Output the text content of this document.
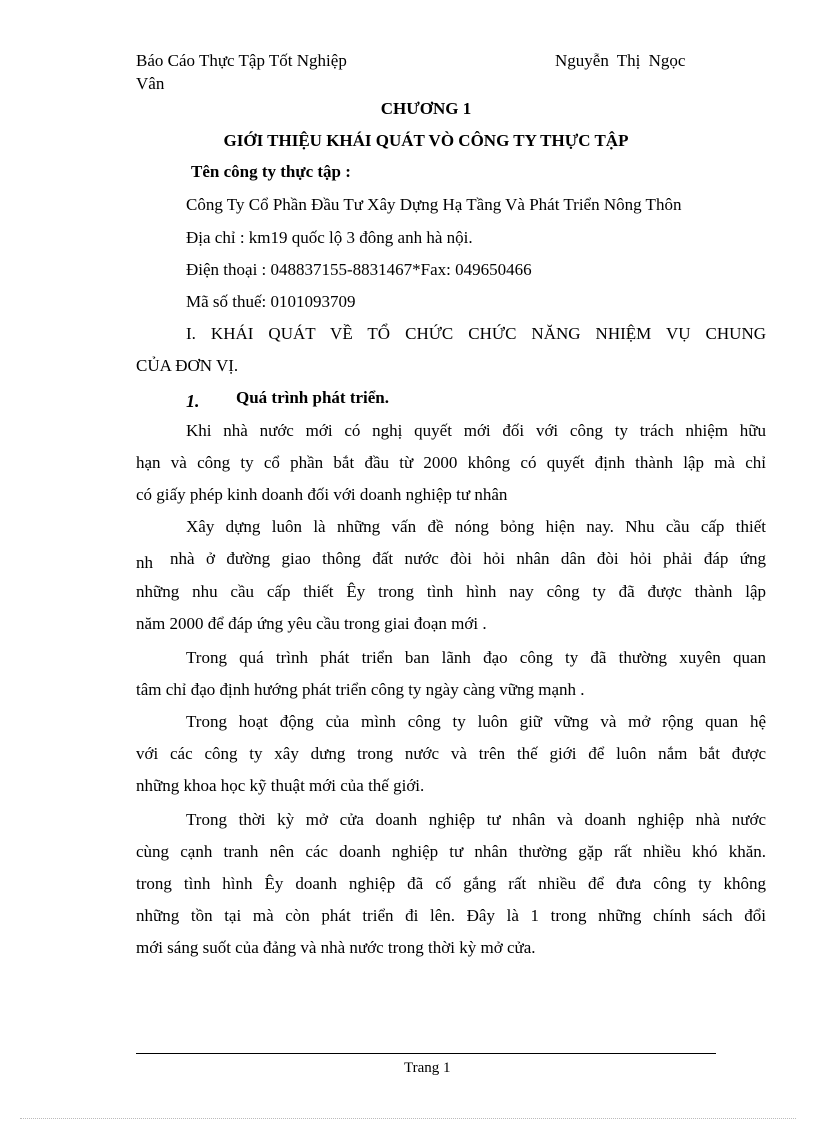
Báo Cáo Thực Tập Tốt Nghiệp
Vân
Nguyễn Thị Ngọc
CHƯƠNG 1
GIỚI THIỆU KHÁI QUÁT VÒ CÔNG TY THỰC TẬP
Tên công ty thực tập :
Công Ty Cổ Phần Đầu Tư Xây Dựng Hạ Tầng Và Phát Triển Nông Thôn
Địa chỉ : km19 quốc lộ 3 đông anh hà nội.
Điện thoại : 048837155-8831467*Fax: 049650466
Mã số thuế: 0101093709
I. KHÁI QUÁT VỀ TỔ CHỨC CHỨC NĂNG NHIỆM VỤ CHUNG
CỦA ĐƠN VỊ.
1. Quá trình phát triển.
Khi nhà nước mới có nghị quyết mới đối với công ty trách nhiệm hữu
hạn và công ty cổ phần bắt đầu từ 2000 không có quyết định thành lập mà chỉ
có giấy phép kinh doanh đối với doanh nghiệp tư nhân
Xây dựng luôn là những vấn đề nóng bỏng hiện nay. Nhu cầu cấp thiết
nh nhà ở đường giao thông đất nước đòi hỏi nhân dân đòi hỏi phải đáp ứng
những nhu cầu cấp thiết Êy trong tình hình nay công ty đã được thành lập
năm 2000 để đáp ứng yêu cầu trong giai đoạn mới .
Trong quá trình phát triển ban lãnh đạo công ty đã thường xuyên quan
tâm chỉ đạo định hướng phát triển công ty ngày càng vững mạnh .
Trong hoạt động của mình công ty luôn giữ vững và mở rộng quan hệ
với các công ty xây dưng trong nước và trên thế giới để luôn nắm bắt được
những khoa học kỹ thuật mới của thế giới.
Trong thời kỳ mở cửa doanh nghiệp tư nhân và doanh nghiệp nhà nước
cùng cạnh tranh nên các doanh nghiệp tư nhân thường gặp rất nhiều khó khăn.
trong tình hình Êy doanh nghiệp đã cố gắng rất nhiều để đưa công ty không
những tồn tại mà còn phát triển đi lên. Đây là 1 trong những chính sách đổi
mới sáng suốt của đảng và nhà nước trong thời kỳ mở cửa.
Trang 1
